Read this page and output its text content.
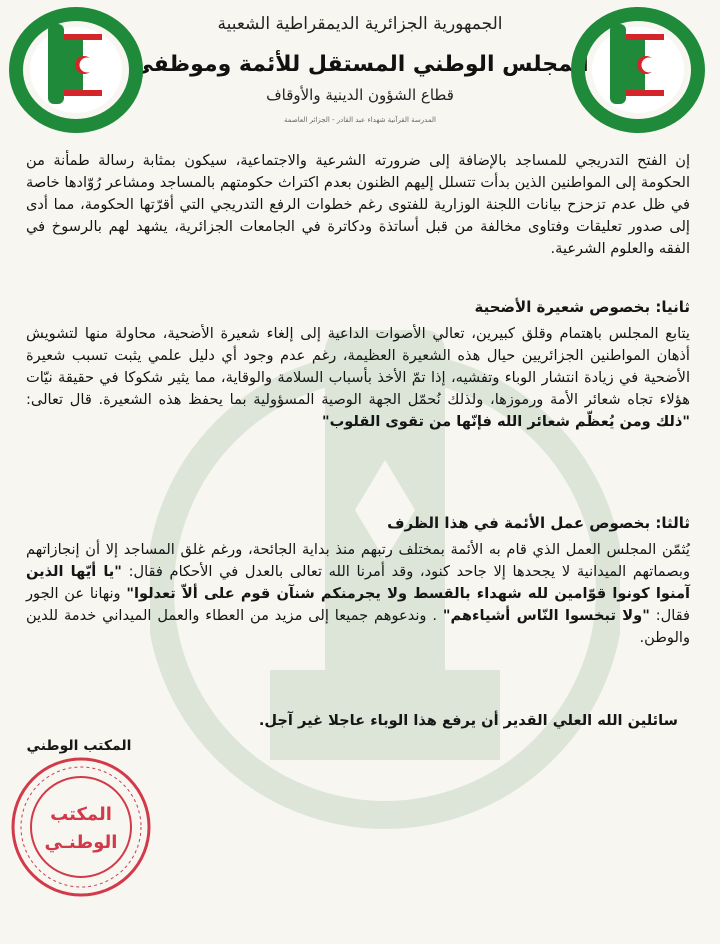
الجمهورية الجزائرية الديمقراطية الشعبية
المجلس الوطني المستقل للأئمة وموظفي
قطاع الشؤون الدينية والأوقاف
المدرسة القرآنية شهداء عبد القادر - الجزائر العاصمة
إن الفتح التدريجي للمساجد بالإضافة إلى ضرورته الشرعية والاجتماعية، سيكون بمثابة رسالة طمأنة من الحكومة إلى المواطنين الذين بدأت تتسلل إليهم الظنون بعدم اكتراث حكومتهم بالمساجد ومشاعر رُوّادها خاصة في ظل عدم تزحزح بيانات اللجنة الوزارية للفتوى رغم خطوات الرفع التدريجي التي أقرّتها الحكومة، مما أدى إلى صدور تعليقات وفتاوى مخالفة من قبل أساتذة ودكاترة في الجامعات الجزائرية، يشهد لهم بالرسوخ في الفقه والعلوم الشرعية.
ثانيا: بخصوص شعيرة الأضحية
يتابع المجلس باهتمام وقلق كبيرين، تعالي الأصوات الداعية إلى إلغاء شعيرة الأضحية، محاولة منها لتشويش أذهان المواطنين الجزائريين حيال هذه الشعيرة العظيمة، رغم عدم وجود أي دليل علمي يثبت تسبب شعيرة الأضحية في زيادة انتشار الوباء وتفشيه، إذا تمّ الأخذ بأسباب السلامة والوقاية، مما يثير شكوكا في حقيقة نيّات هؤلاء تجاه شعائر الأمة ورموزها، ولذلك نُحمّل الجهة الوصية المسؤولية بما يحفظ هذه الشعيرة. قال تعالى: "ذلك ومن يُعظّم شعائر الله فإنّها من تقوى القلوب"
ثالثا: بخصوص عمل الأئمة في هذا الظرف
يُثمّن المجلس العمل الذي قام به الأئمة بمختلف رتبهم منذ بداية الجائحة، ورغم غلق المساجد إلا أن إنجازاتهم وبصماتهم الميدانية لا يجحدها إلا جاحد كنود، وقد أمرنا الله تعالى بالعدل في الأحكام فقال: "يا أيّها الذين آمنوا كونوا قوّامين لله شهداء بالقسط ولا يجرمنكم شنآن قوم على ألاّ تعدلوا" ونهانا عن الجور فقال: "ولا تبخسوا النّاس أشياءهم" . وندعوهم جميعا إلى مزيد من العطاء والعمل الميداني خدمة للدين والوطن.
سائلين الله العلي القدير أن يرفع هذا الوباء عاجلا غير آجل.
المكتب الوطني
المكتب
الوطنـي
